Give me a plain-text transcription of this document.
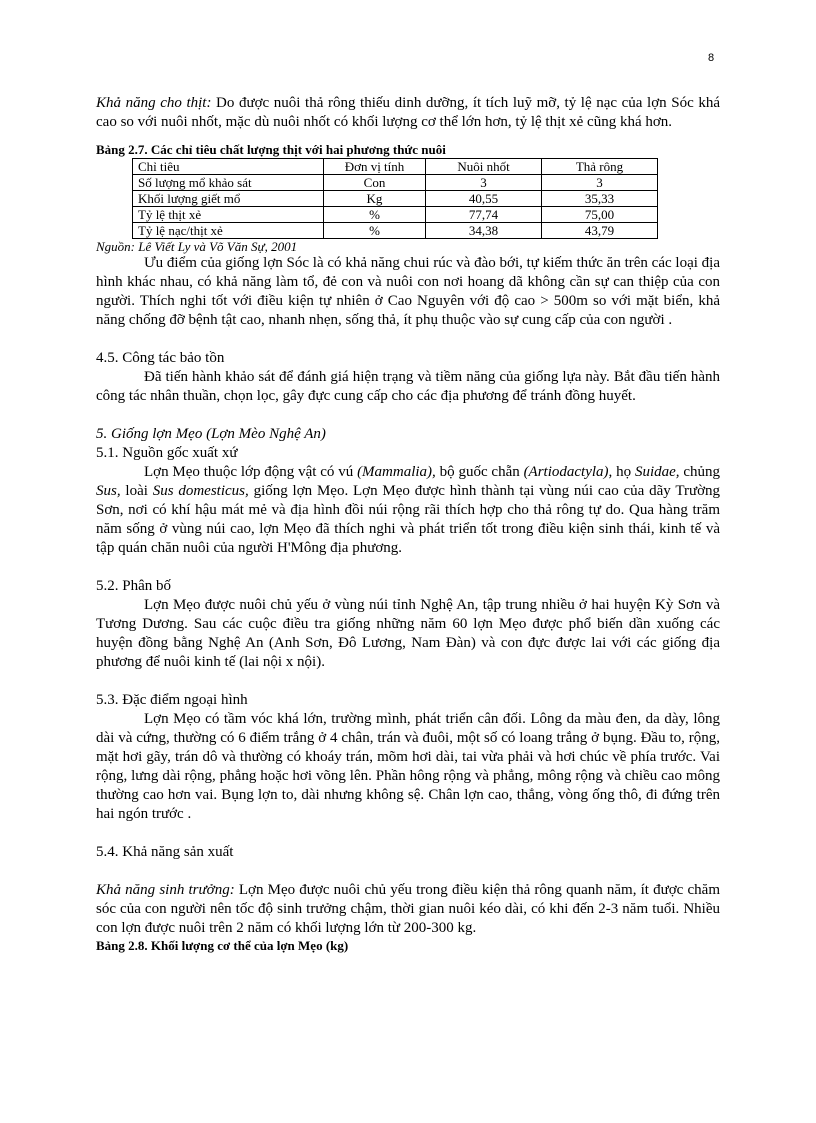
8

Khả năng cho thịt: Do được nuôi thả rông thiếu dinh dưỡng, ít tích luỹ mỡ, tỷ lệ nạc của lợn Sóc khá cao so với nuôi nhốt, mặc dù nuôi nhốt có khối lượng cơ thể lớn hơn, tỷ lệ thịt xẻ cũng khá hơn.

Bảng 2.7. Các chỉ tiêu chất lượng thịt với hai phương thức nuôi
Chỉ tiêu	Đơn vị tính	Nuôi nhốt	Thả rông
Số lượng mổ khảo sát	Con	3	3
Khối lượng giết mổ	Kg	40,55	35,33
Tỷ lệ thịt xẻ	%	77,74	75,00
Tỷ lệ nạc/thịt xẻ	%	34,38	43,79
Nguồn: Lê Viết Ly và Võ Văn Sự, 2001

Ưu điểm của giống lợn Sóc là có khả năng chui rúc và đào bới, tự kiếm thức ăn trên các loại địa hình khác nhau, có khả năng làm tổ, đẻ con và nuôi con nơi hoang dã không cần sự can thiệp của con người. Thích nghi tốt với điều kiện tự nhiên ở Cao Nguyên với độ cao > 500m so với mặt biển, khả năng chống đỡ bệnh tật cao, nhanh nhẹn, sống thả, ít phụ thuộc vào sự cung cấp của con người .

4.5. Công tác bảo tồn

Đã tiến hành khảo sát để đánh giá hiện trạng và tiềm năng của giống lựa này. Bắt đầu tiến hành công tác nhân thuần, chọn lọc, gây đực cung cấp cho các địa phương để tránh đồng huyết.

5. Giống lợn Mẹo (Lợn Mèo Nghệ An)

5.1. Nguồn gốc xuất xứ

Lợn Mẹo thuộc lớp động vật có vú (Mammalia), bộ guốc chẵn (Artiodactyla), họ Suidae, chủng Sus, loài Sus domesticus, giống lợn Mẹo. Lợn Mẹo được hình thành tại vùng núi cao của dãy Trường Sơn, nơi có khí hậu mát mẻ và địa hình đồi núi rộng rãi thích hợp cho thả rông tự do. Qua hàng trăm năm sống ở vùng núi cao, lợn Mẹo đã thích nghi và phát triển tốt trong điều kiện sinh thái, kinh tế và tập quán chăn nuôi của người H'Mông địa phương.

5.2. Phân bố

Lợn Mẹo được nuôi chủ yếu ở vùng núi tỉnh Nghệ An, tập trung nhiều ở hai huyện Kỳ Sơn và Tương Dương. Sau các cuộc điều tra giống những năm 60 lợn Mẹo được phổ biến dần xuống các huyện đồng bằng Nghệ An (Anh Sơn, Đô Lương, Nam Đàn) và con đực được lai với các giống địa phương để nuôi kinh tế (lai nội x nội).

5.3. Đặc điểm ngoại hình

Lợn Mẹo có tầm vóc khá lớn, trường mình, phát triển cân đối. Lông da màu đen, da dày, lông dài và cứng, thường có 6 điểm trắng ở 4 chân, trán và đuôi, một số có loang trắng ở bụng. Đầu to, rộng, mặt hơi gãy, trán dô và thường có khoáy trán, mõm hơi dài, tai vừa phải và hơi chúc về phía trước. Vai rộng, lưng dài rộng, phẳng hoặc hơi võng lên. Phần hông rộng và phẳng, mông rộng và chiều cao mông thường cao hơn vai. Bụng lợn to, dài nhưng không sệ. Chân lợn cao, thẳng, vòng ống thô, đi đứng trên hai ngón trước .

5.4. Khả năng sản xuất

Khả năng sinh trưởng: Lợn Mẹo được nuôi chủ yếu trong điều kiện thả rông quanh năm, ít được chăm sóc của con người nên tốc độ sinh trưởng chậm, thời gian nuôi kéo dài, có khi đến 2-3 năm tuổi. Nhiều con lợn được nuôi trên 2 năm có khối lượng lớn từ 200-300 kg.

Bảng 2.8. Khối lượng cơ thể của lợn Mẹo (kg)
